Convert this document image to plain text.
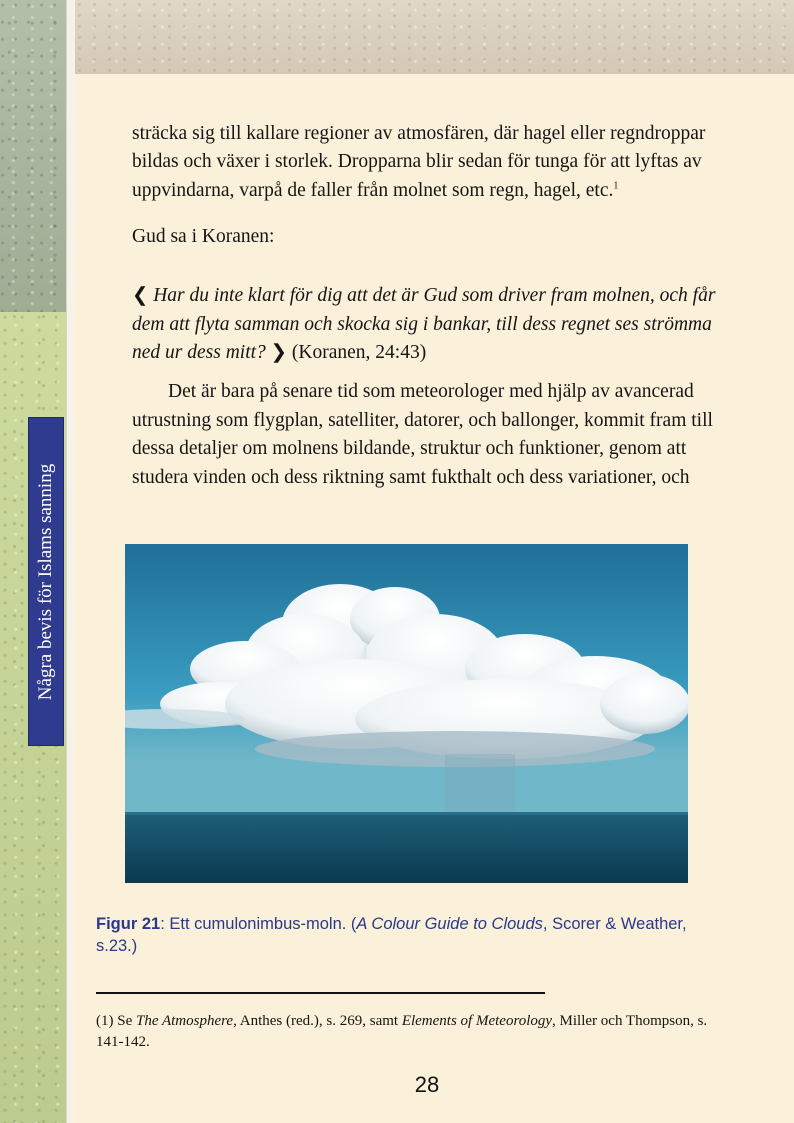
Några bevis för Islams sanning

sträcka sig till kallare regioner av atmosfären, där hagel eller regndroppar bildas och växer i storlek. Dropparna blir sedan för tunga för att lyftas av uppvindarna, varpå de faller från molnet som regn, hagel, etc.$^1$

Gud sa i Koranen:

❮ Har du inte klart för dig att det är Gud som driver fram molnen, och får dem att flyta samman och skocka sig i bankar, till dess regnet ses strömma ned ur dess mitt? ❯ (Koranen, 24:43)

Det är bara på senare tid som meteorologer med hjälp av avancerad utrustning som flygplan, satelliter, datorer, och ballonger, kommit fram till dessa detaljer om molnens bildande, struktur och funktioner, genom att studera vinden och dess riktning samt fukthalt och dess variationer, och

Figur 21: Ett cumulonimbus-moln. (A Colour Guide to Clouds, Scorer & Weather, s.23.)
(1) Se The Atmosphere, Anthes (red.), s. 269, samt Elements of Meteorology, Miller och Thompson, s. 141-142.
28
